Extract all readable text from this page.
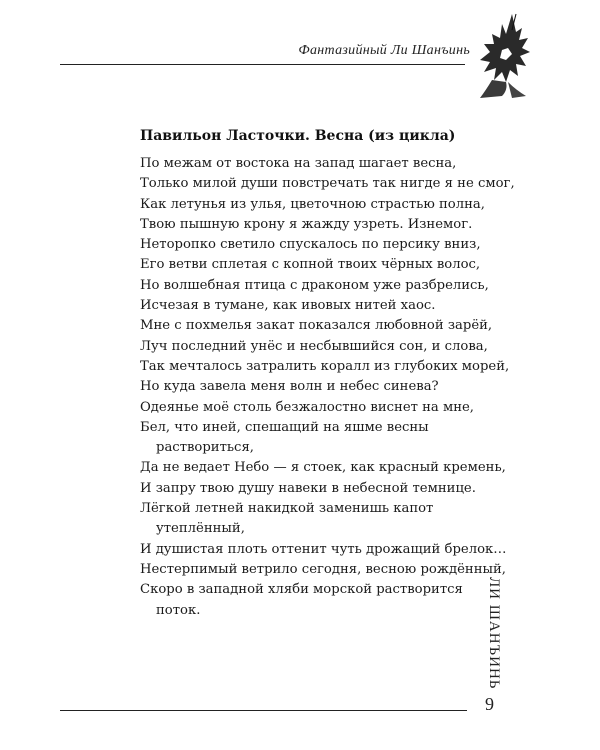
Фантазийный Ли Шанъинь
Павильон Ласточки. Весна (из цикла)
По межам от востока на запад шагает весна,
Только милой души повстречать так нигде я не смог,
Как летунья из улья, цветочною страстью полна,
Твою пышную крону я жажду узреть. Изнемог.
Неторопко светило спускалось по персику вниз,
Его ветви сплетая с копной твоих чёрных волос,
Но волшебная птица с драконом уже разбрелись,
Исчезая в тумане, как ивовых нитей хаос.
Мне с похмелья закат показался любовной зарёй,
Луч последний унёс и несбывшийся сон, и слова,
Так мечталось затралить коралл из глубоких морей,
Но куда завела меня волн и небес синева?
Одеянье моё столь безжалостно виснет на мне,
Бел, что иней, спешащий на яшме весны
раствориться,
Да не ведает Небо — я стоек, как красный кремень,
И запру твою душу навеки в небесной темнице.
Лёгкой летней накидкой заменишь капот
утеплённый,
И душистая плоть оттенит чуть дрожащий брелок…
Нестерпимый ветрило сегодня, весною рождённый,
Скоро в западной хляби морской растворится
поток.	ЛИ ШАНЪИНЬ
9
